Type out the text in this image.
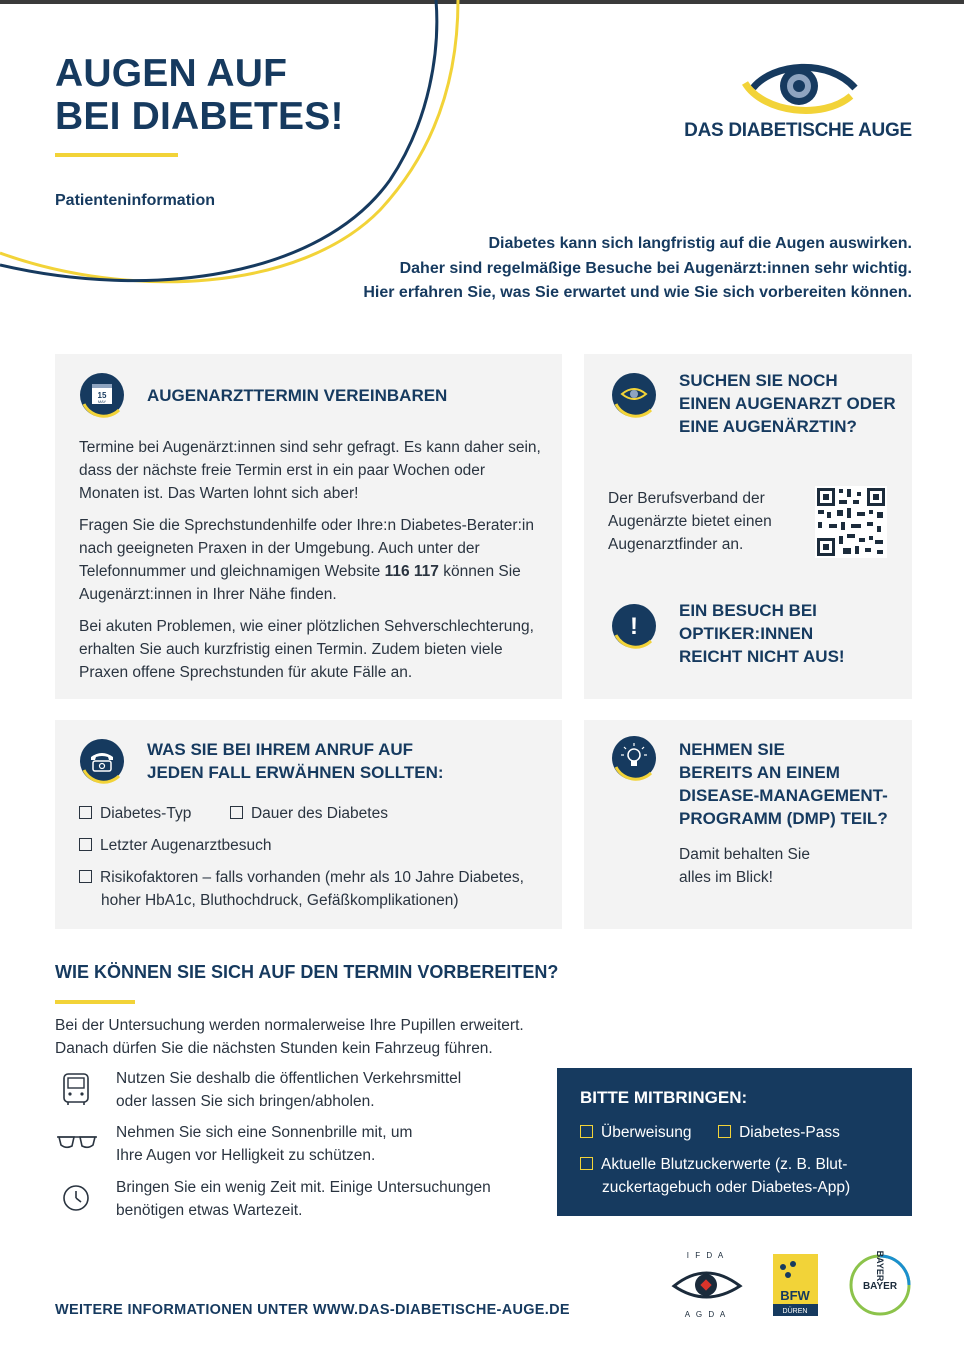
AUGEN AUF
BEI DIABETES!
Patienteninformation
DAS DIABETISCHE AUGE
Diabetes kann sich langfristig auf die Augen auswirken.
Daher sind regelmäßige Besuche bei Augenärzt:innen sehr wichtig.
Hier erfahren Sie, was Sie erwartet und wie Sie sich vorbereiten können.
15
MAY AUGENARZTTERMIN VEREINBAREN

Termine bei Augenärzt:innen sind sehr gefragt. Es kann daher sein, dass der nächste freie Termin erst in ein paar Wochen oder Monaten ist. Das Warten lohnt sich aber!

Fragen Sie die Sprechstundenhilfe oder Ihre:n Diabetes-Berater:in nach geeigneten Praxen in der Umgebung. Auch unter der Telefonnummer und gleichnamigen Website 116 117 können Sie Augenärzt:innen in Ihrer Nähe finden.

Bei akuten Problemen, wie einer plötzlichen Sehverschlechterung, erhalten Sie auch kurzfristig einen Termin. Zudem bieten viele Praxen offene Sprechstunden für akute Fälle an.

SUCHEN SIE NOCH
EINEN AUGENARZT ODER
EINE AUGENÄRZTIN?

Der Berufsverband der Augenärzte bietet einen Augenarztfinder an.

!
EIN BESUCH BEI
OPTIKER:INNEN
REICHT NICHT AUS!
WAS SIE BEI IHREM ANRUF AUF
JEDEN FALL ERWÄHNEN SOLLTEN:
Diabetes-Typ	Dauer des Diabetes
Letzter Augenarztbesuch
Risikofaktoren – falls vorhanden (mehr als 10 Jahre Diabetes,
hoher HbA1c, Bluthochdruck, Gefäßkomplikationen)
NEHMEN SIE
BEREITS AN EINEM
DISEASE-MANAGEMENT-
PROGRAMM (DMP) TEIL?

Damit behalten Sie
alles im Blick!

WIE KÖNNEN SIE SICH AUF DEN TERMIN VORBEREITEN?
Bei der Untersuchung werden normalerweise Ihre Pupillen erweitert.
Danach dürfen Sie die nächsten Stunden kein Fahrzeug führen.
Nutzen Sie deshalb die öffentlichen Verkehrsmittel
oder lassen Sie sich bringen/abholen.
Nehmen Sie sich eine Sonnenbrille mit, um
Ihre Augen vor Helligkeit zu schützen.
Bringen Sie ein wenig Zeit mit. Einige Untersuchungen
benötigen etwas Wartezeit.
BITTE MITBRINGEN:
Überweisung	Diabetes-Pass
Aktuelle Blutzuckerwerte (z. B. Blut-
zuckertagebuch oder Diabetes-App)
WEITERE INFORMATIONEN UNTER WWW.DAS-DIABETISCHE-AUGE.DE
I F D A
A G D A
BFW
DÜREN
BAYER
BAYER
